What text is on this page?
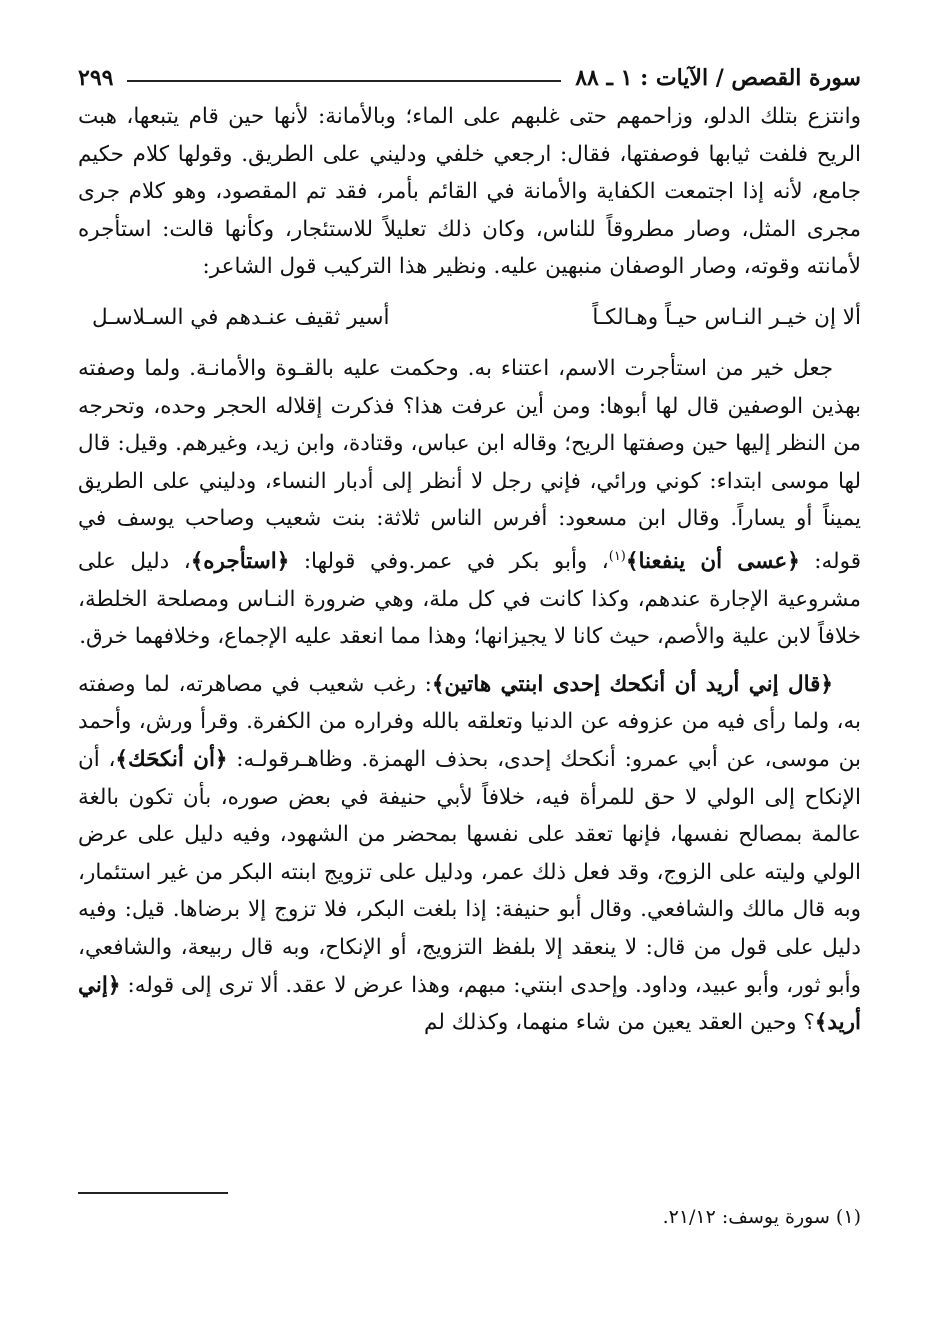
سورة القصص / الآيات : ١ ـ ٨٨
٢٩٩

وانتزع بتلك الدلو، وزاحمهم حتى غلبهم على الماء؛ وبالأمانة: لأنها حين قام يتبعها، هبت الريح فلفت ثيابها فوصفتها، فقال: ارجعي خلفي ودليني على الطريق. وقولها كلام حكيم جامع، لأنه إذا اجتمعت الكفاية والأمانة في القائم بأمر، فقد تم المقصود، وهو كلام جرى مجرى المثل، وصار مطروقاً للناس، وكان ذلك تعليلاً للاستئجار، وكأنها قالت: استأجره لأمانته وقوته، وصار الوصفان منبهين عليه. ونظير هذا التركيب قول الشاعر:

ألا إن خيـر النـاس حيـاً وهـالكـاً
أسير ثقيف عنـدهم في السـلاسـل

جعل خير من استأجرت الاسم، اعتناء به. وحكمت عليه بالقـوة والأمانـة. ولما وصفته بهذين الوصفين قال لها أبوها: ومن أين عرفت هذا؟ فذكرت إقلاله الحجر وحده، وتحرجه من النظر إليها حين وصفتها الريح؛ وقاله ابن عباس، وقتادة، وابن زيد، وغيرهم. وقيل: قال لها موسى ابتداء: كوني ورائي، فإني رجل لا أنظر إلى أدبار النساء، ودليني على الطريق يميناً أو يساراً. وقال ابن مسعود: أفرس الناس ثلاثة: بنت شعيب وصاحب يوسف في قوله: ﴿عسى أن ينفعنا﴾$^{(١)}$، وأبو بكر في عمر.وفي قولها: ﴿استأجره﴾، دليل على مشروعية الإجارة عندهم، وكذا كانت في كل ملة، وهي ضرورة النـاس ومصلحة الخلطة، خلافاً لابن علية والأصم، حيث كانا لا يجيزانها؛ وهذا مما انعقد عليه الإجماع، وخلافهما خرق.

﴿قال إني أريد أن أنكحك إحدى ابنتي هاتين﴾: رغب شعيب في مصاهرته، لما وصفته به، ولما رأى فيه من عزوفه عن الدنيا وتعلقه بالله وفراره من الكفرة. وقرأ ورش، وأحمد بن موسى، عن أبي عمرو: أنكحك إحدى، بحذف الهمزة. وظاهـرقولـه: ﴿أن أنكحَك﴾، أن الإنكاح إلى الولي لا حق للمرأة فيه، خلافاً لأبي حنيفة في بعض صوره، بأن تكون بالغة عالمة بمصالح نفسها، فإنها تعقد على نفسها بمحضر من الشهود، وفيه دليل على عرض الولي وليته على الزوج، وقد فعل ذلك عمر، ودليل على تزويج ابنته البكر من غير استئمار، وبه قال مالك والشافعي. وقال أبو حنيفة: إذا بلغت البكر، فلا تزوج إلا برضاها. قيل: وفيه دليل على قول من قال: لا ينعقد إلا بلفظ التزويج، أو الإنكاح، وبه قال ربيعة، والشافعي، وأبو ثور، وأبو عبيد، وداود. وإحدى ابنتي: مبهم، وهذا عرض لا عقد. ألا ترى إلى قوله: ﴿إني أريد﴾؟ وحين العقد يعين من شاء منهما، وكذلك لم

(١) سورة يوسف: ٢١/١٢.
